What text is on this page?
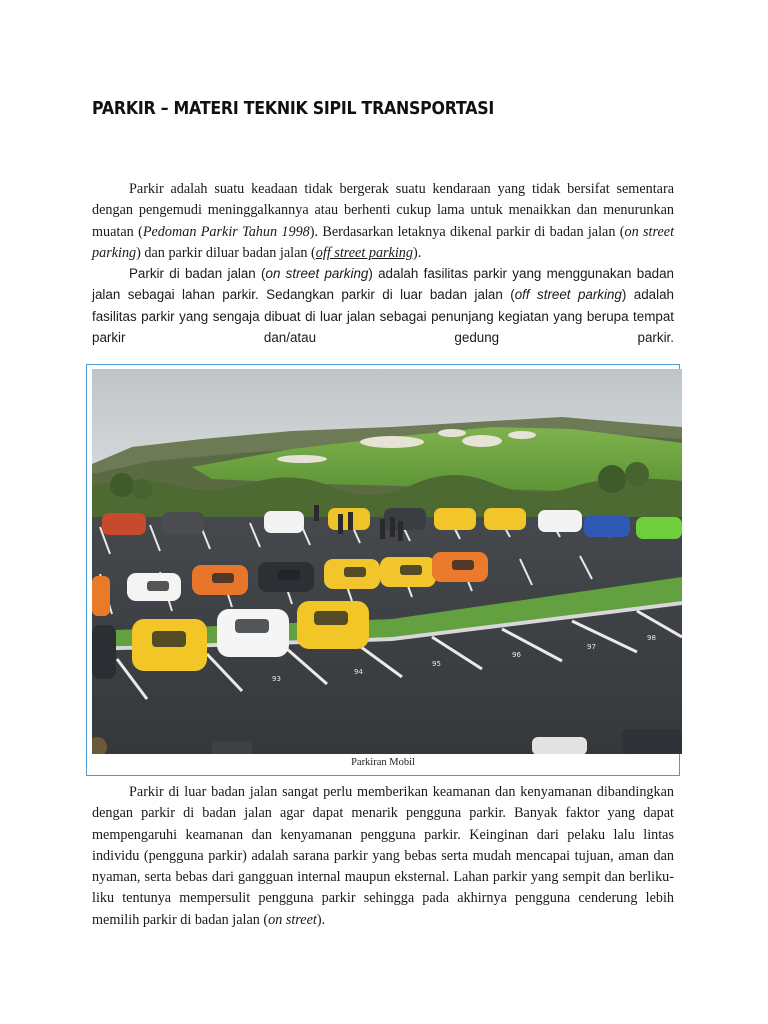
PARKIR – MATERI TEKNIK SIPIL TRANSPORTASI

Parkir adalah suatu keadaan tidak bergerak suatu kendaraan yang tidak bersifat sementara dengan pengemudi meninggalkannya atau berhenti cukup lama untuk menaikkan dan menurunkan muatan (Pedoman Parkir Tahun 1998). Berdasarkan letaknya dikenal parkir di badan jalan (on street parking) dan parkir diluar badan jalan (off street parking).

Parkir di badan jalan (on street parking) adalah fasilitas parkir yang menggunakan badan jalan sebagai lahan parkir. Sedangkan parkir di luar badan jalan (off street parking) adalah fasilitas parkir yang sengaja dibuat di luar jalan sebagai penunjang kegiatan yang berupa tempat parkir dan/atau gedung parkir.

93
94
95
96
97
98
Parkiran Mobil

Parkir di luar badan jalan sangat perlu memberikan keamanan dan kenyamanan dibandingkan dengan parkir di badan jalan agar dapat menarik pengguna parkir. Banyak faktor yang dapat mempengaruhi keamanan dan kenyamanan pengguna parkir. Keinginan dari pelaku lalu lintas individu (pengguna parkir) adalah sarana parkir yang bebas serta mudah mencapai tujuan, aman dan nyaman, serta bebas dari gangguan internal maupun eksternal. Lahan parkir yang sempit dan berliku-liku tentunya mempersulit pengguna parkir sehingga pada akhirnya pengguna cenderung lebih memilih parkir di badan jalan (on street).
